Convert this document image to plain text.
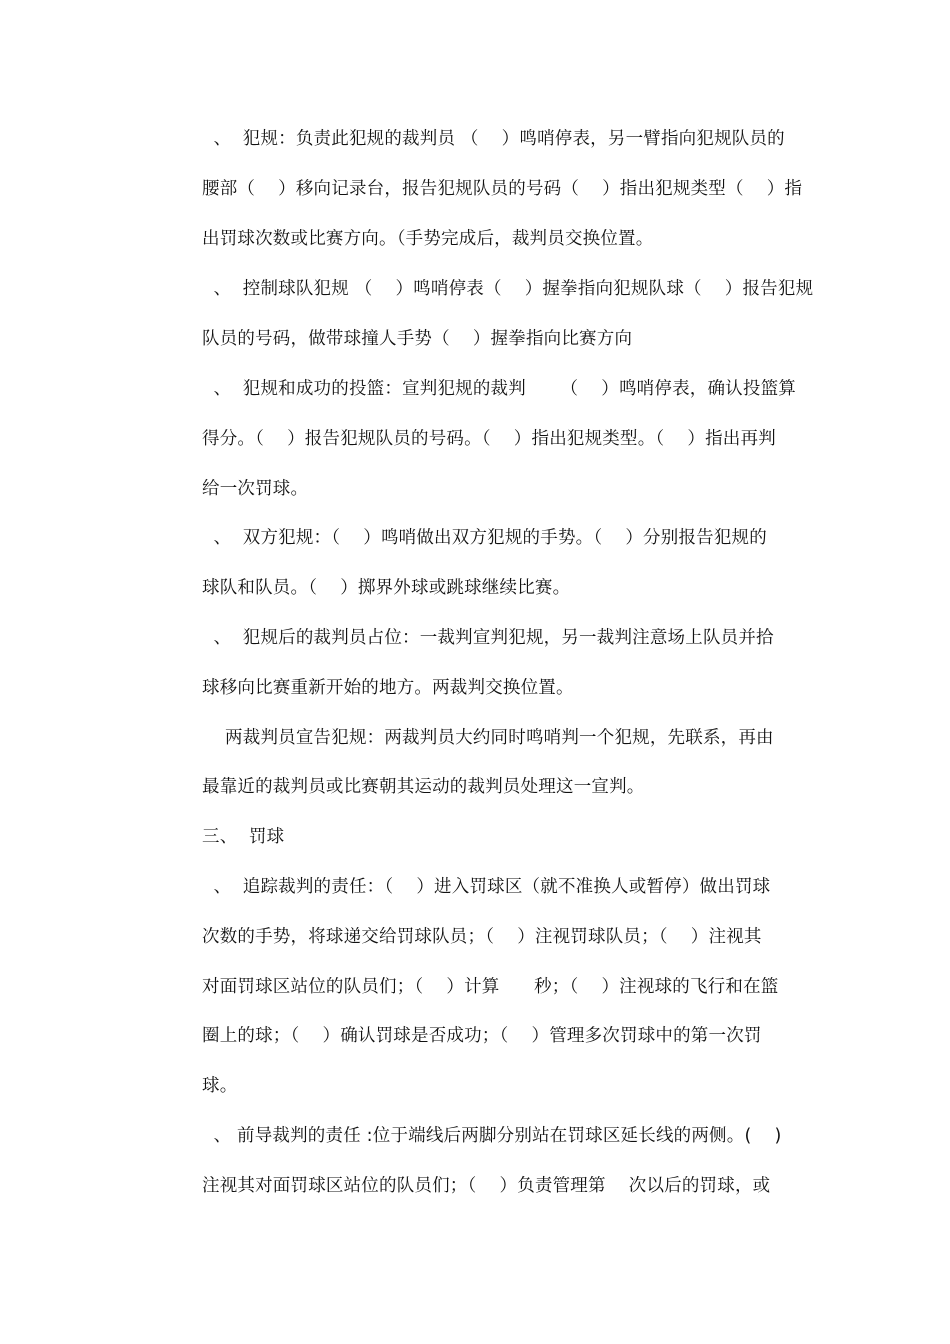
、  犯规：负责此犯规的裁判员 （    ）鸣哨停表，另一臂指向犯规队员的
腰部（    ）移向记录台，报告犯规队员的号码（    ）指出犯规类型（    ）指
出罚球次数或比赛方向。（手势完成后，裁判员交换位置。
、  控制球队犯规 （    ）鸣哨停表（    ）握拳指向犯规队球（    ）报告犯规
队员的号码，做带球撞人手势（    ）握拳指向比赛方向
、  犯规和成功的投篮：宣判犯规的裁判      （    ）鸣哨停表，确认投篮算
得分。（    ）报告犯规队员的号码。（    ）指出犯规类型。（    ）指出再判
给一次罚球。
、  双方犯规：（    ）鸣哨做出双方犯规的手势。（    ）分别报告犯规的
球队和队员。（    ）掷界外球或跳球继续比赛。
、  犯规后的裁判员占位：一裁判宣判犯规，另一裁判注意场上队员并拾
球移向比赛重新开始的地方。两裁判交换位置。
两裁判员宣告犯规：两裁判员大约同时鸣哨判一个犯规，先联系，再由
最靠近的裁判员或比赛朝其运动的裁判员处理这一宣判。
三、  罚球
、  追踪裁判的责任：（    ）进入罚球区（就不准换人或暂停）做出罚球
次数的手势，将球递交给罚球队员；（    ）注视罚球队员；（    ）注视其
对面罚球区站位的队员们；（    ）计算      秒；（    ）注视球的飞行和在篮
圈上的球；（    ）确认罚球是否成功；（    ）管理多次罚球中的第一次罚
球。
、 前导裁判的责任 :位于端线后两脚分别站在罚球区延长线的两侧。(    )
注视其对面罚球区站位的队员们；（    ）负责管理第    次以后的罚球，或
